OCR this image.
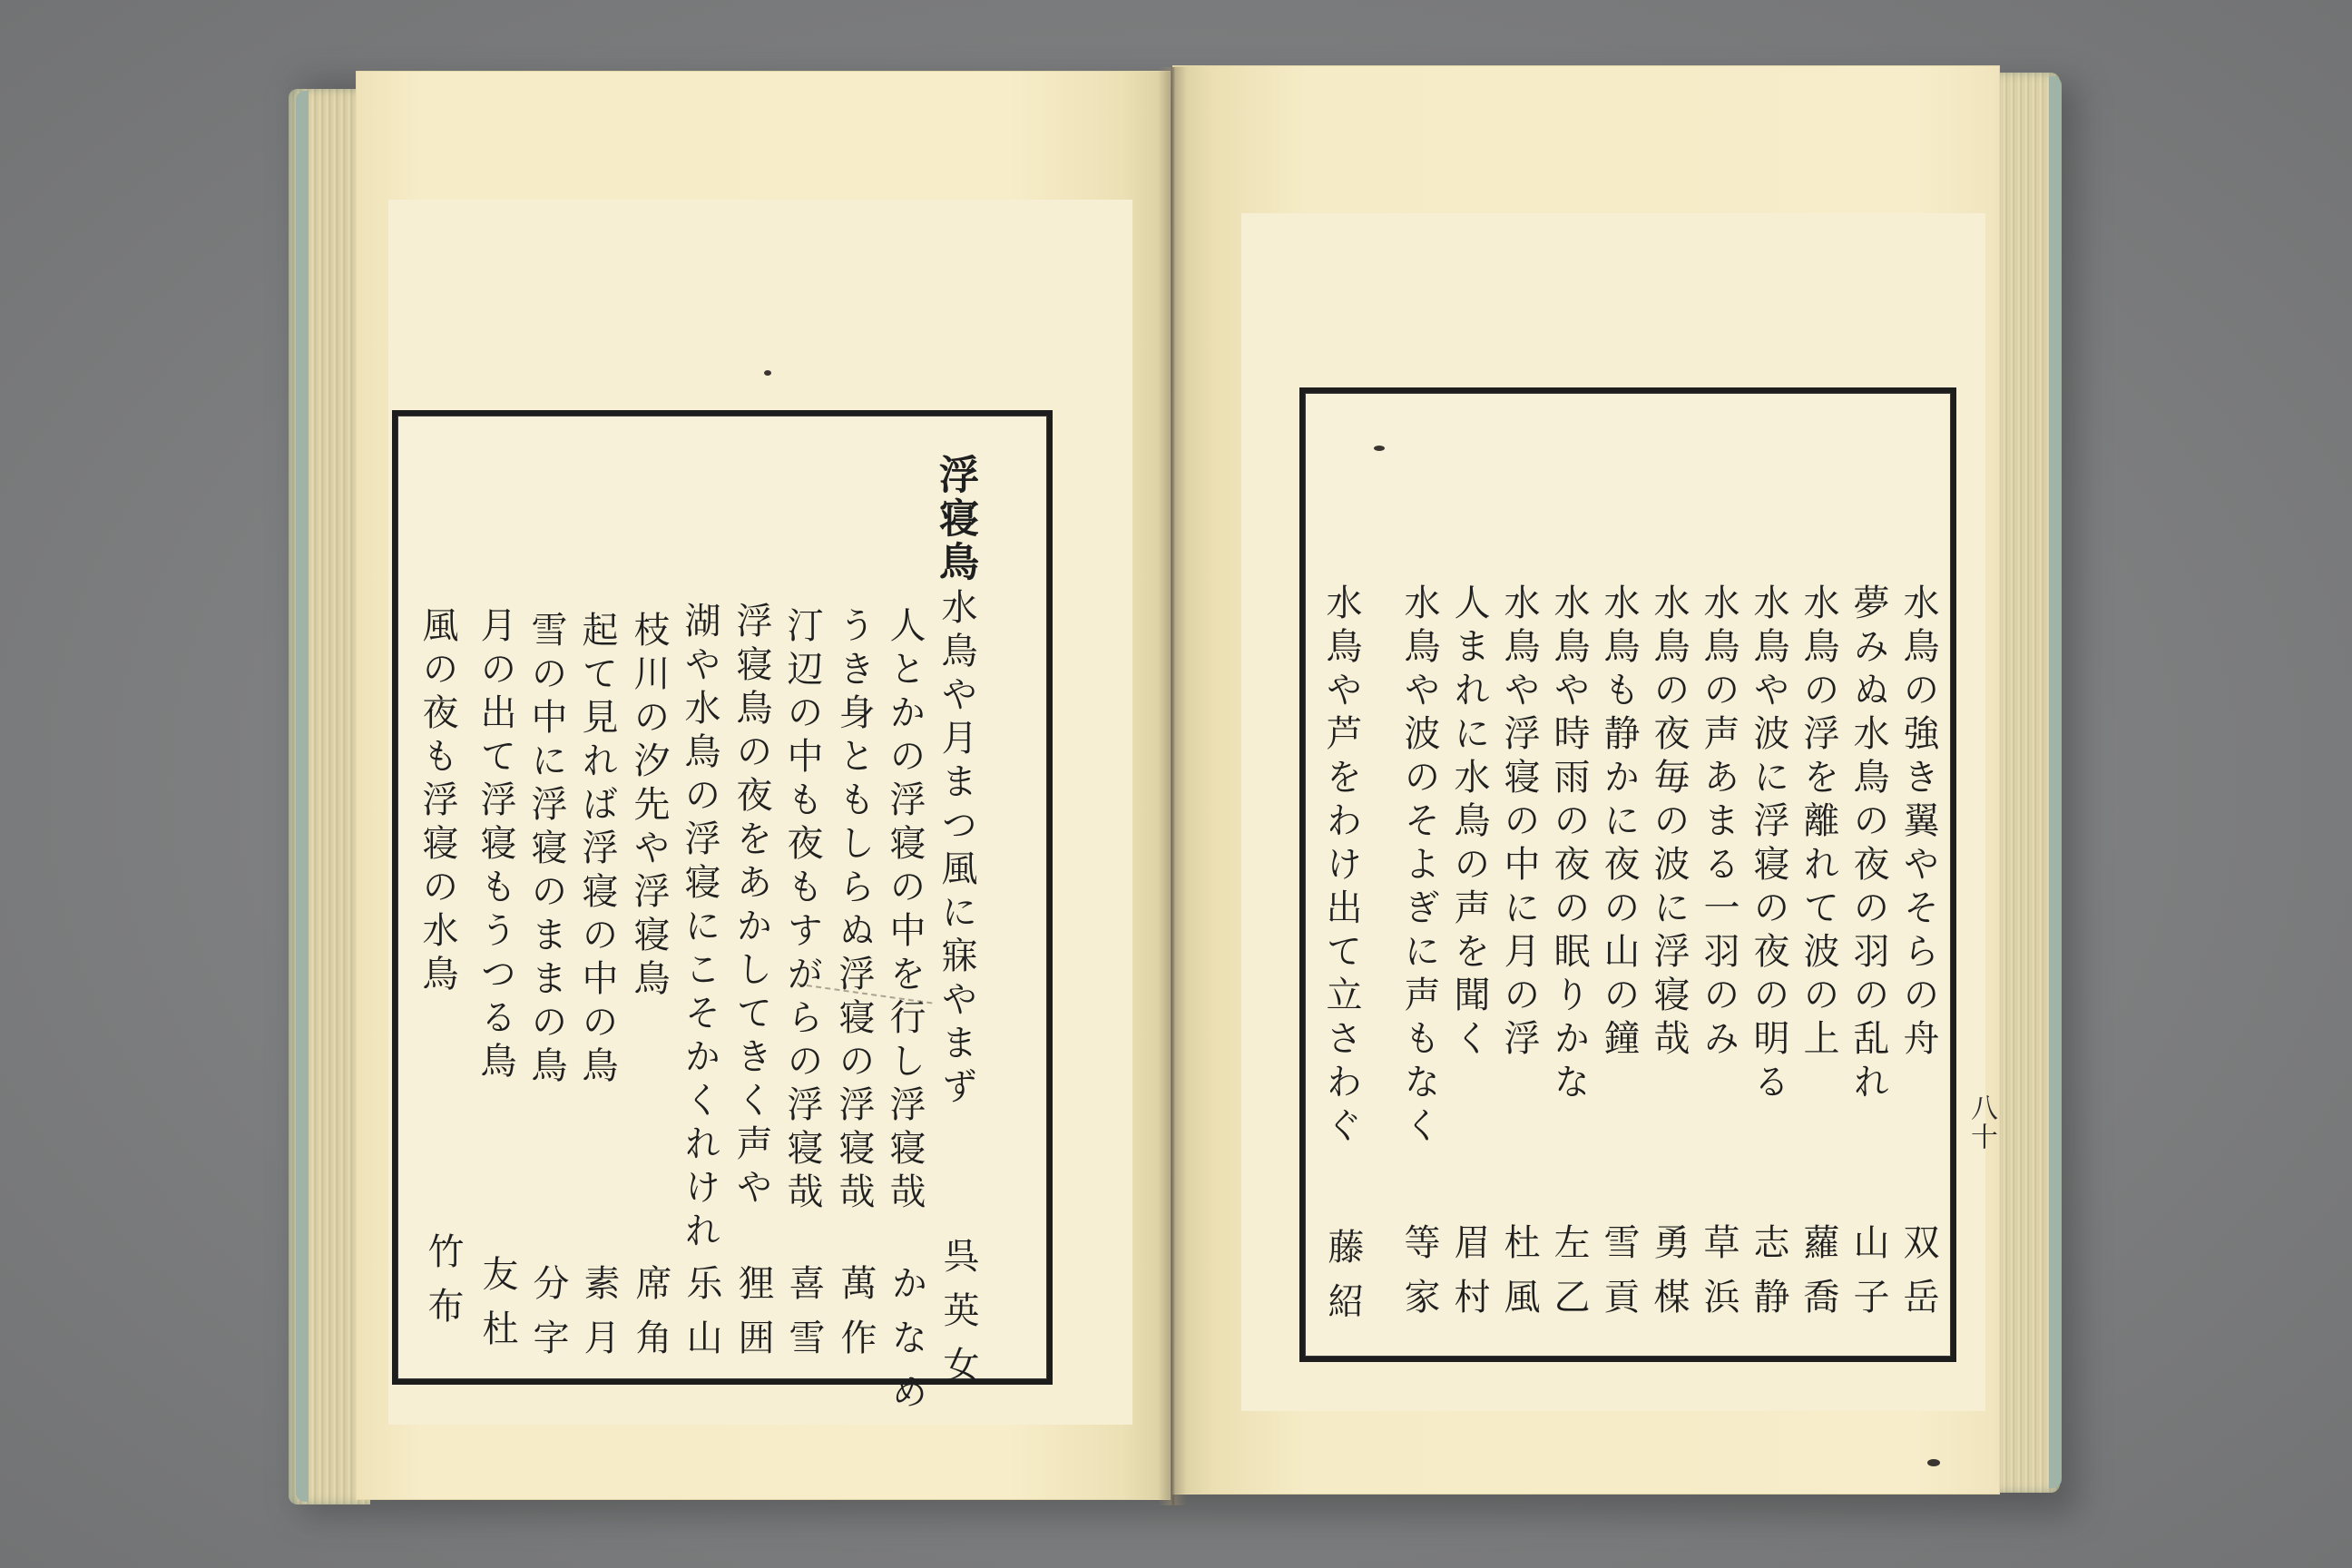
浮寝鳥
水鳥や月まつ風に寐やまず
人とかの浮寝の中を行し浮寝哉
うき身ともしらぬ浮寝の浮寝哉
汀辺の中も夜もすがらの浮寝哉
浮寝鳥の夜をあかしてきく声や
湖や水鳥の浮寝にこそかくれけれ
枝川の汐先や浮寝鳥
起て見れば浮寝の中の鳥
雪の中に浮寝のままの鳥
月の出て浮寝もうつる鳥
風の夜も浮寝の水鳥
呉英女
かなめ
萬作
喜雪
狸囲
乐山
席角
素月
分字
友杜
竹布
水鳥の強き翼やそらの舟
夢みぬ水鳥の夜の羽の乱れ
水鳥の浮を離れて波の上
水鳥や波に浮寝の夜の明る
水鳥の声あまる一羽のみ
水鳥の夜毎の波に浮寝哉
水鳥も静かに夜の山の鐘
水鳥や時雨の夜の眠りかな
水鳥や浮寝の中に月の浮
人まれに水鳥の声を聞く
水鳥や波のそよぎに声もなく
水鳥や芦をわけ出て立さわぐ
双岳
山子
蘿喬
志静
草浜
勇楳
雪貢
左乙
杜風
眉村
等家
藤紹
八十
